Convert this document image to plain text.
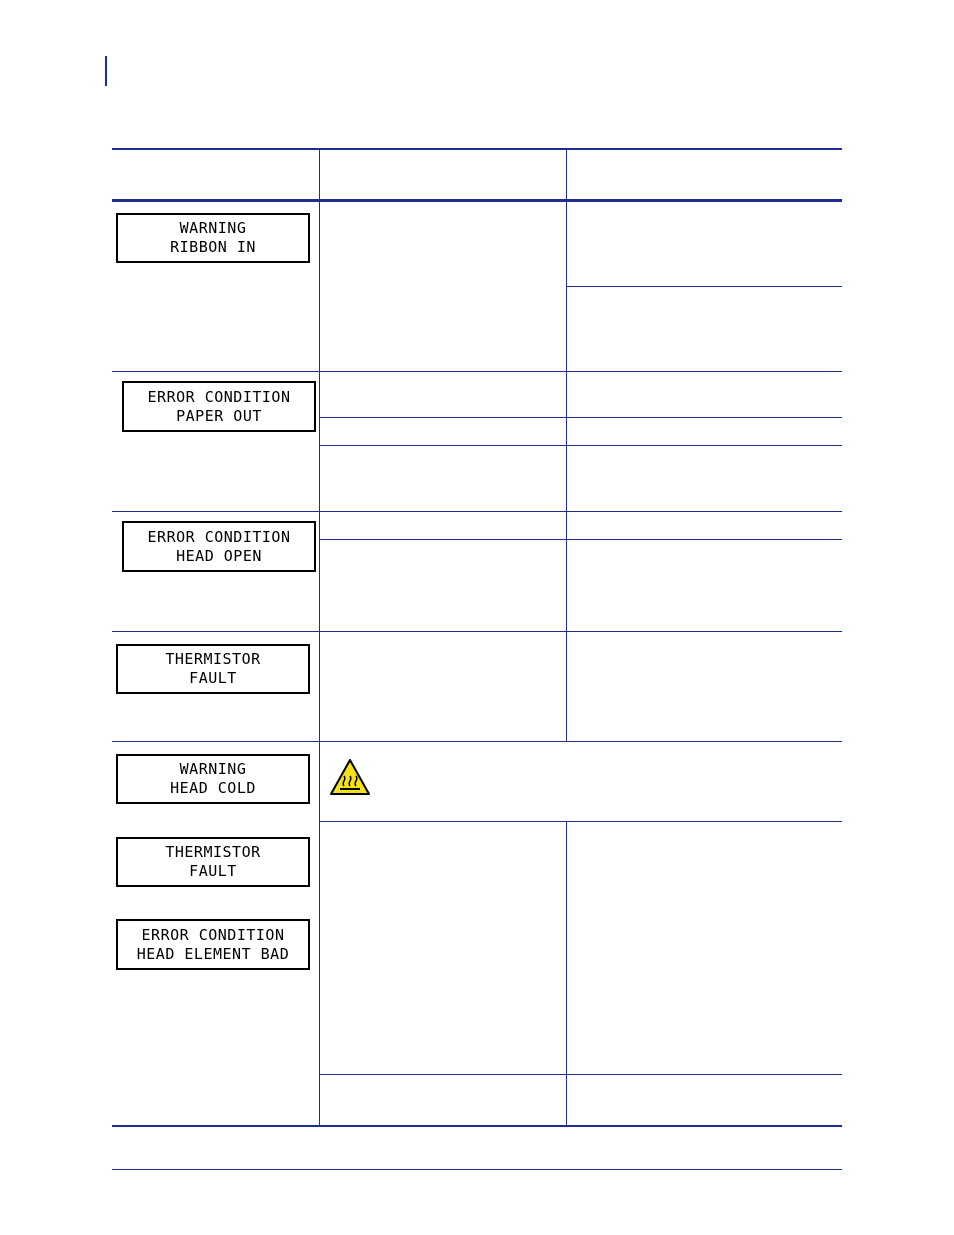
WARNING
RIBBON IN
ERROR CONDITION
PAPER OUT
ERROR CONDITION
HEAD OPEN
THERMISTOR
FAULT
WARNING
HEAD COLD
THERMISTOR
FAULT
ERROR CONDITION
HEAD ELEMENT BAD
